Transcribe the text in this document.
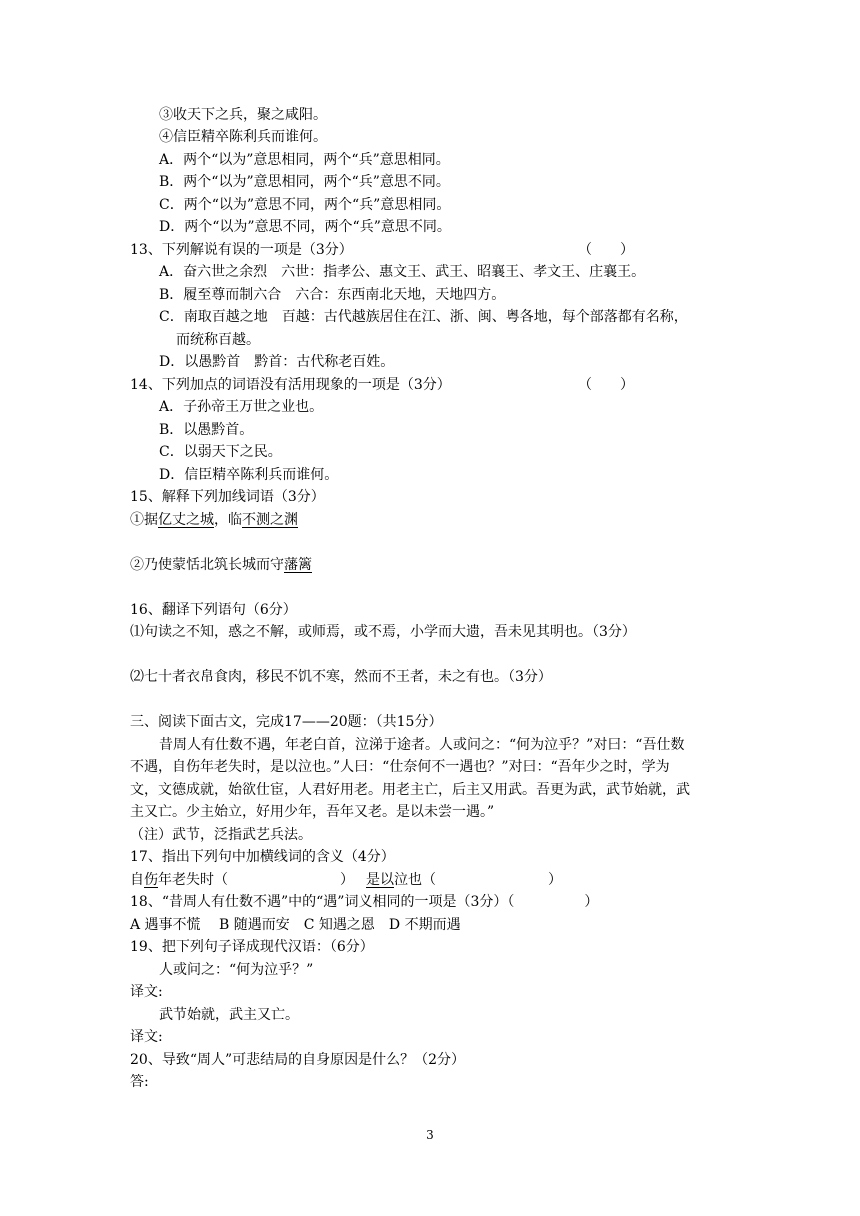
③收天下之兵，聚之咸阳。
④信臣精卒陈利兵而谁何。
A．两个“以为”意思相同，两个“兵”意思相同。
B．两个“以为”意思相同，两个“兵”意思不同。
C．两个“以为”意思不同，两个“兵”意思相同。
D．两个“以为”意思不同，两个“兵”意思不同。
13、下列解说有误的一项是（3分）	（　　）
A．奋六世之余烈　六世：指孝公、惠文王、武王、昭襄王、孝文王、庄襄王。
B．履至尊而制六合　六合：东西南北天地，天地四方。
C．南取百越之地　百越：古代越族居住在江、浙、闽、粤各地，每个部落都有名称，
而统称百越。
D．以愚黔首　黔首：古代称老百姓。
14、下列加点的词语没有活用现象的一项是（3分）	（　　）
A．子孙帝王万世之业也。
B．以愚黔首。
C．以弱天下之民。
D．信臣精卒陈利兵而谁何。
15、解释下列加线词语（3分）
①据亿丈之城，临不测之渊
②乃使蒙恬北筑长城而守藩篱
16、翻译下列语句（6分）
⑴句读之不知，惑之不解，或师焉，或不焉，小学而大遗，吾未见其明也。（3分）
⑵七十者衣帛食肉，移民不饥不寒，然而不王者，未之有也。（3分）
三、阅读下面古文，完成17——20题：（共15分）
昔周人有仕数不遇，年老白首，泣涕于途者。人或问之：“何为泣乎？”对曰：“吾仕数
不遇，自伤年老失时，是以泣也。”人曰：“仕奈何不一遇也？”对曰：“吾年少之时，学为
文，文德成就，始欲仕宦，人君好用老。用老主亡，后主又用武。吾更为武，武节始就，武
主又亡。少主始立，好用少年，吾年又老。是以未尝一遇。”
（注）武节，泛指武艺兵法。
17、指出下列句中加横线词的含义（4分）
自伤年老失时（　　　　　　　　） 是以泣也（　　　　　　　　）
18、“昔周人有仕数不遇”中的“遇”词义相同的一项是（3分）（　　　　　）
A 遇事不慌　 B 随遇而安　C 知遇之恩　D 不期而遇
19、把下列句子译成现代汉语：（6分）
人或问之：“何为泣乎？”
译文:
武节始就，武主又亡。
译文:
20、导致“周人”可悲结局的自身原因是什么？（2分）
答:
3
